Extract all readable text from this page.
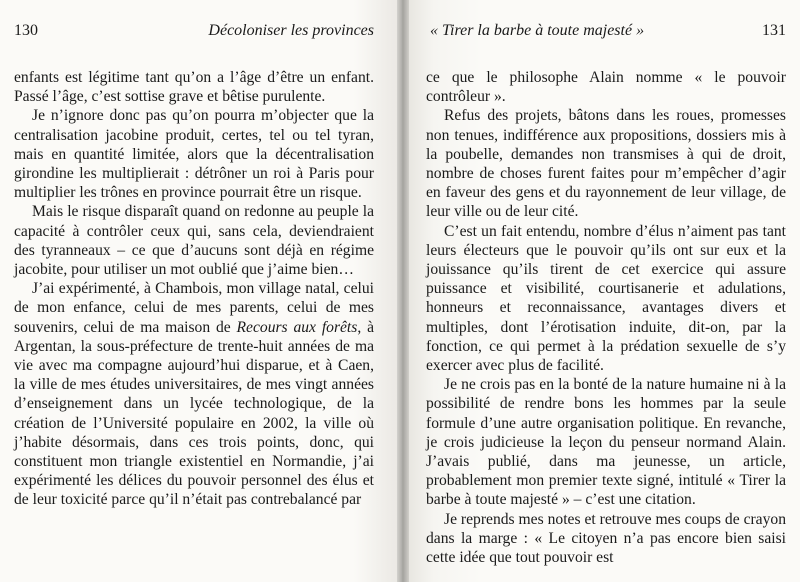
130	Décoloniser les provinces

enfants est légitime tant qu’on a l’âge d’être un enfant. Passé l’âge, c’est sottise grave et bêtise purulente.

Je n’ignore donc pas qu’on pourra m’objecter que la centralisation jacobine produit, certes, tel ou tel tyran, mais en quantité limitée, alors que la décentralisation girondine les multiplierait : détrôner un roi à Paris pour multiplier les trônes en province pourrait être un risque.

Mais le risque disparaît quand on redonne au peuple la capacité à contrôler ceux qui, sans cela, deviendraient des tyranneaux – ce que d’aucuns sont déjà en régime jacobite, pour utiliser un mot oublié que j’aime bien…

J’ai expérimenté, à Chambois, mon village natal, celui de mon enfance, celui de mes parents, celui de mes souvenirs, celui de ma maison de Recours aux forêts, à Argentan, la sous-préfecture de trente-huit années de ma vie avec ma compagne aujourd’hui disparue, et à Caen, la ville de mes études universitaires, de mes vingt années d’enseignement dans un lycée technologique, de la création de l’Université populaire en 2002, la ville où j’habite désormais, dans ces trois points, donc, qui constituent mon triangle existentiel en Normandie, j’ai expérimenté les délices du pouvoir personnel des élus et de leur toxicité parce qu’il n’était pas contrebalancé par

« Tirer la barbe à toute majesté »	131

ce que le philosophe Alain nomme « le pouvoir contrôleur ».

Refus des projets, bâtons dans les roues, promesses non tenues, indifférence aux propositions, dossiers mis à la poubelle, demandes non transmises à qui de droit, nombre de choses furent faites pour m’empêcher d’agir en faveur des gens et du rayonnement de leur village, de leur ville ou de leur cité.

C’est un fait entendu, nombre d’élus n’aiment pas tant leurs électeurs que le pouvoir qu’ils ont sur eux et la jouissance qu’ils tirent de cet exercice qui assure puissance et visibilité, courtisanerie et adulations, honneurs et reconnaissance, avantages divers et multiples, dont l’érotisation induite, dit-on, par la fonction, ce qui permet à la prédation sexuelle de s’y exercer avec plus de facilité.

Je ne crois pas en la bonté de la nature humaine ni à la possibilité de rendre bons les hommes par la seule formule d’une autre organisation politique. En revanche, je crois judicieuse la leçon du penseur normand Alain. J’avais publié, dans ma jeunesse, un article, probablement mon premier texte signé, intitulé « Tirer la barbe à toute majesté » – c’est une citation.

Je reprends mes notes et retrouve mes coups de crayon dans la marge : « Le citoyen n’a pas encore bien saisi cette idée que tout pouvoir est
